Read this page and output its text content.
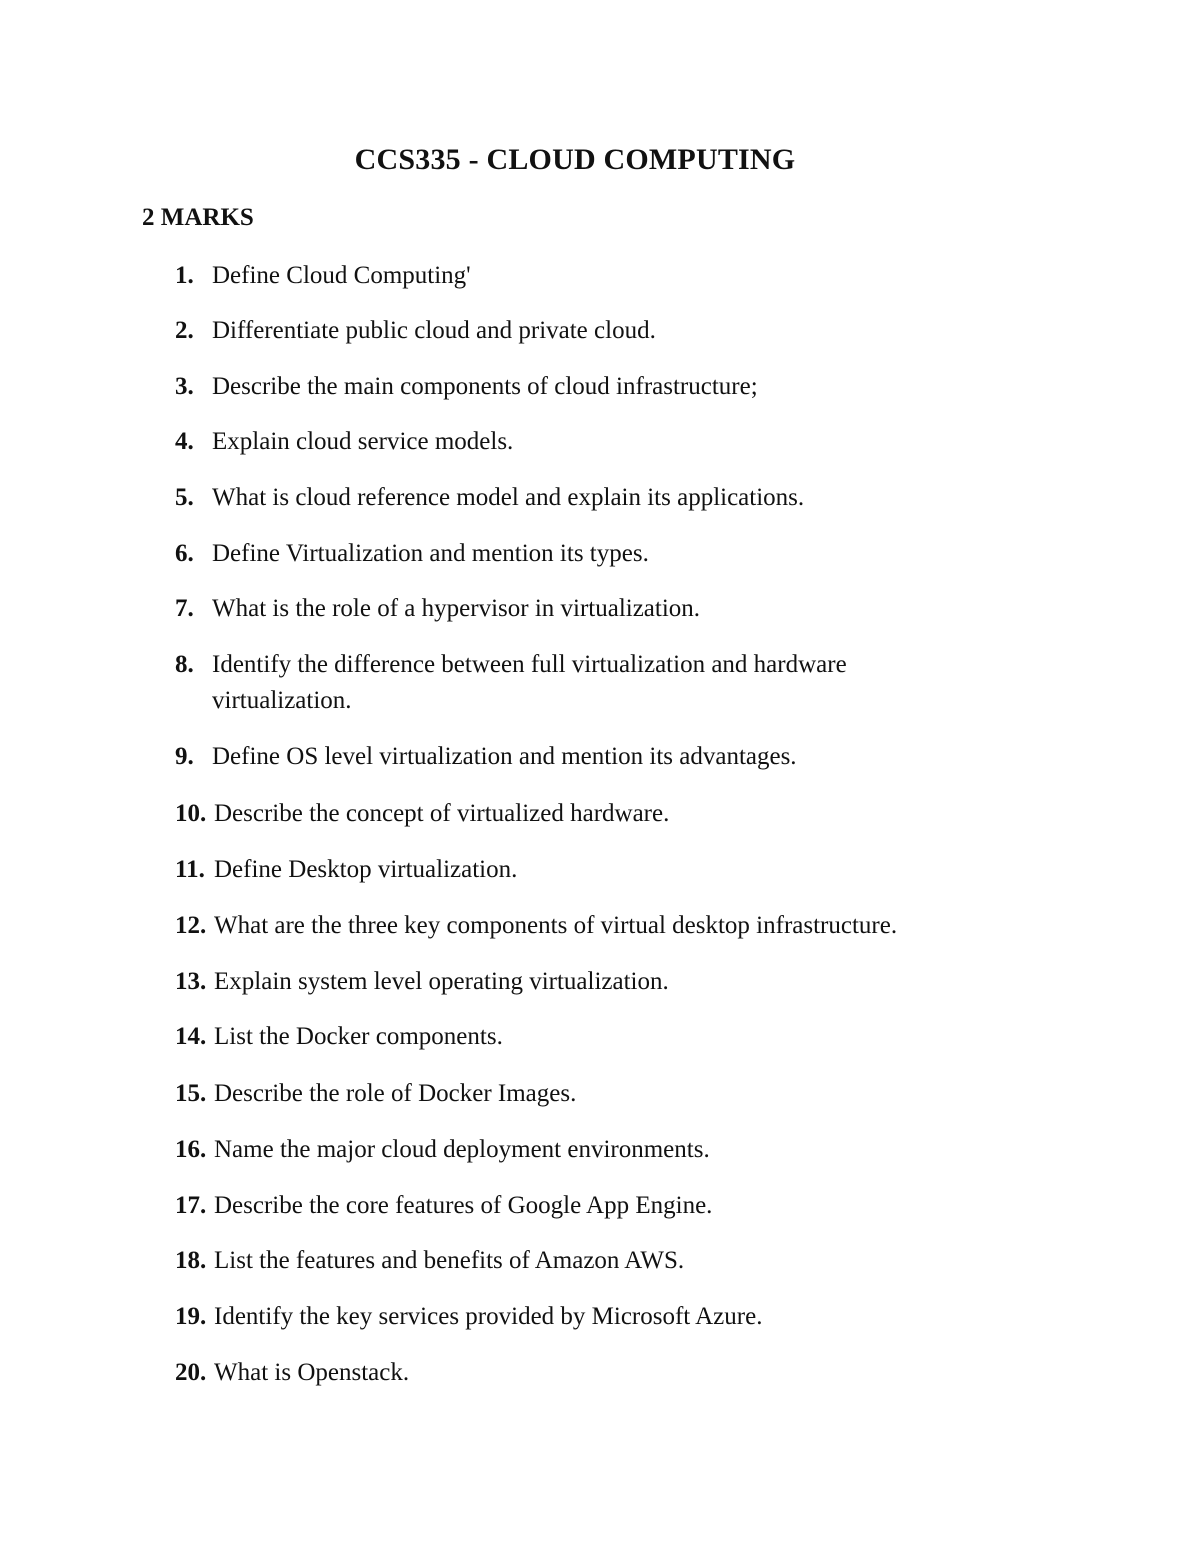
CCS335 - CLOUD COMPUTING
2 MARKS
1. Define Cloud Computing'
2. Differentiate public cloud and private cloud.
3. Describe the main components of cloud infrastructure;
4. Explain cloud service models.
5. What is cloud reference model and explain its applications.
6. Define Virtualization and mention its types.
7. What is the role of a hypervisor in virtualization.
8. Identify the difference between full virtualization and hardware virtualization.
9. Define OS level virtualization and mention its advantages.
10. Describe the concept of virtualized hardware.
11. Define Desktop virtualization.
12. What are the three key components of virtual desktop infrastructure.
13. Explain system level operating virtualization.
14. List the Docker components.
15. Describe the role of Docker Images.
16. Name the major cloud deployment environments.
17. Describe the core features of Google App Engine.
18. List the features and benefits of Amazon AWS.
19. Identify the key services provided by Microsoft Azure.
20. What is Openstack.
